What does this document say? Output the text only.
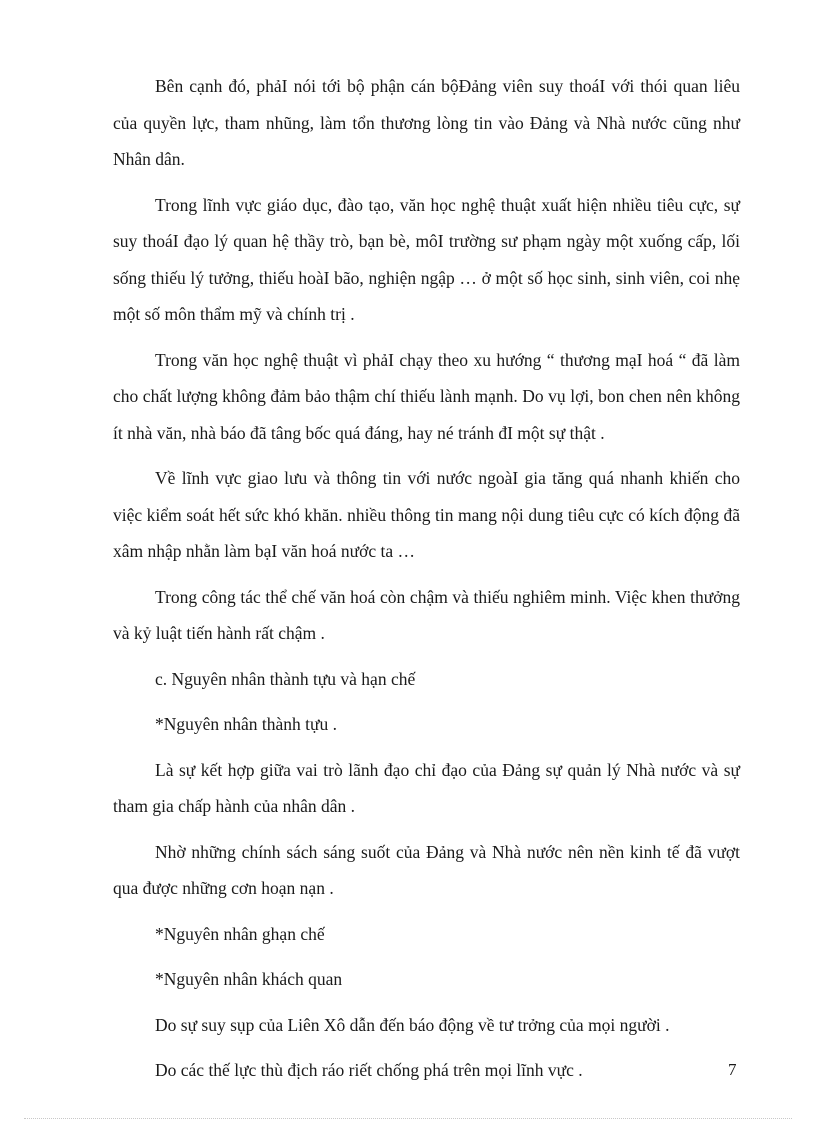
Bên cạnh đó, phảI nói tới bộ phận cán bộĐảng viên suy thoáI với thói quan liêu của quyền lực, tham nhũng, làm tổn thương lòng tin vào Đảng và Nhà nước cũng như Nhân dân.

Trong lĩnh vực giáo dục, đào tạo, văn học nghệ thuật xuất hiện nhiều tiêu cực, sự suy thoáI đạo lý quan hệ thầy trò, bạn bè, môI trường sư phạm ngày một xuống cấp, lối sống thiếu lý tưởng, thiếu hoàI bão, nghiện ngập … ở một số học sinh, sinh viên, coi nhẹ một số môn thẩm mỹ và chính trị .

Trong văn học nghệ thuật vì phảI chạy theo xu hướng “ thương mạI hoá “ đã làm cho chất lượng không đảm bảo thậm chí thiếu lành mạnh. Do vụ lợi, bon chen nên không ít nhà văn, nhà báo đã tâng bốc quá đáng, hay né tránh đI một sự thật .

Về lĩnh vực giao lưu và thông tin với nước ngoàI gia tăng quá nhanh khiến cho việc kiểm soát hết sức khó khăn. nhiều thông tin mang nội dung tiêu cực có kích động đã xâm nhập nhằn làm bạI văn hoá nước ta …

Trong công tác thể chế văn hoá còn chậm và thiếu nghiêm minh. Việc khen thưởng và kỷ luật tiến hành rất chậm .

c. Nguyên nhân thành tựu và hạn chế

*Nguyên nhân thành tựu .

Là sự kết hợp giữa vai trò lãnh đạo chỉ đạo của Đảng sự quản lý Nhà nước và sự tham gia chấp hành của nhân dân .

Nhờ những chính sách sáng suốt của Đảng và Nhà nước nên nền kinh tế đã vượt qua được những cơn hoạn nạn .

*Nguyên nhân ghạn chế

*Nguyên nhân khách quan

Do sự suy sụp của Liên Xô dẫn đến báo động về tư trởng của mọi người .

Do các thế lực thù địch ráo riết chống phá trên mọi lĩnh vực .	7
